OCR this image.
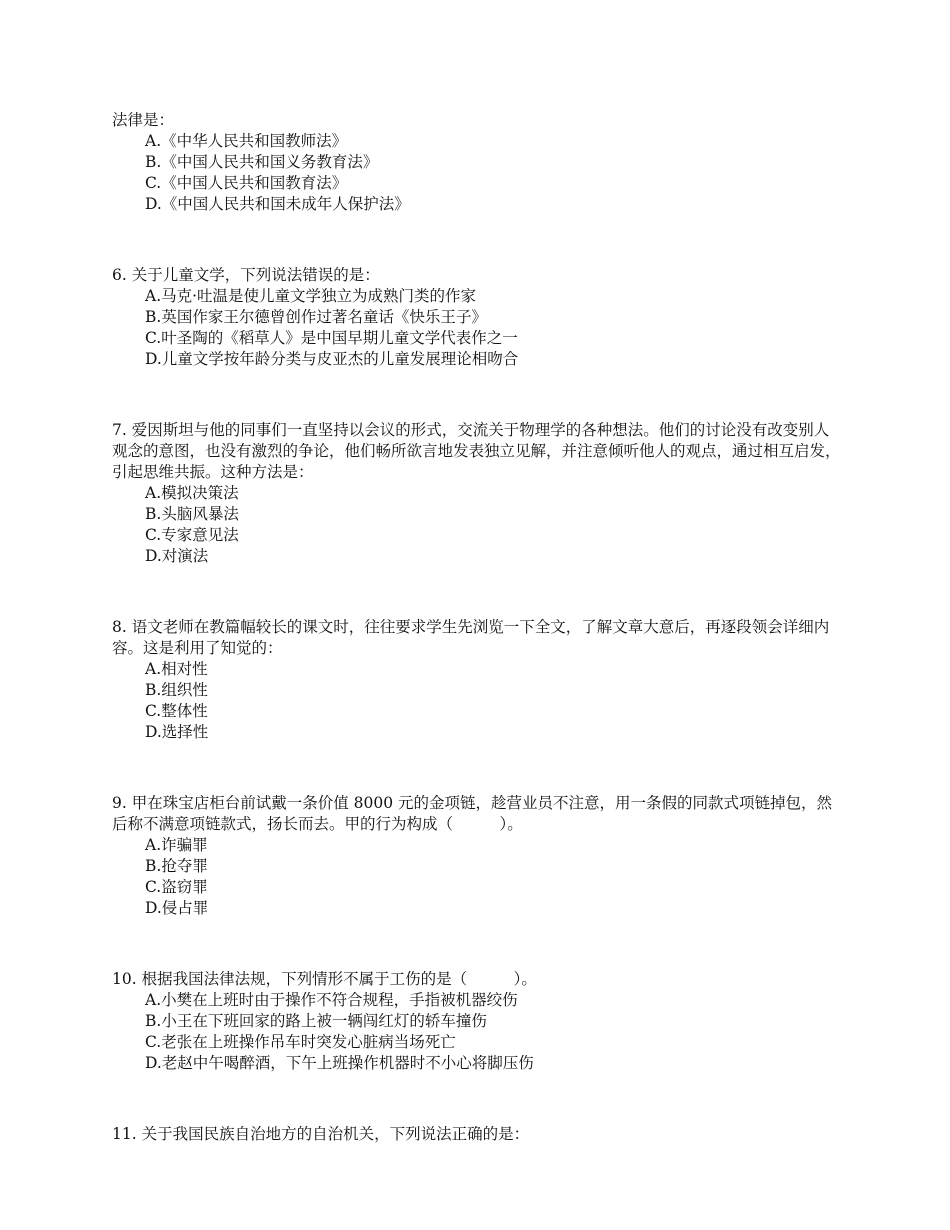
法律是：

A.《中华人民共和国教师法》

B.《中国人民共和国义务教育法》

C.《中国人民共和国教育法》

D.《中国人民共和国未成年人保护法》

6. 关于儿童文学，下列说法错误的是：

A.马克·吐温是使儿童文学独立为成熟门类的作家

B.英国作家王尔德曾创作过著名童话《快乐王子》

C.叶圣陶的《稻草人》是中国早期儿童文学代表作之一

D.儿童文学按年龄分类与皮亚杰的儿童发展理论相吻合

7. 爱因斯坦与他的同事们一直坚持以会议的形式，交流关于物理学的各种想法。他们的讨论没有改变别人观念的意图，也没有激烈的争论，他们畅所欲言地发表独立见解，并注意倾听他人的观点，通过相互启发，引起思维共振。这种方法是：

A.模拟决策法

B.头脑风暴法

C.专家意见法

D.对演法

8. 语文老师在教篇幅较长的课文时，往往要求学生先浏览一下全文，了解文章大意后，再逐段领会详细内容。这是利用了知觉的：

A.相对性

B.组织性

C.整体性

D.选择性

9. 甲在珠宝店柜台前试戴一条价值 8000 元的金项链，趁营业员不注意，用一条假的同款式项链掉包，然后称不满意项链款式，扬长而去。甲的行为构成（　　　）。

A.诈骗罪

B.抢夺罪

C.盗窃罪

D.侵占罪

10. 根据我国法律法规，下列情形不属于工伤的是（　　　）。

A.小樊在上班时由于操作不符合规程，手指被机器绞伤

B.小王在下班回家的路上被一辆闯红灯的轿车撞伤

C.老张在上班操作吊车时突发心脏病当场死亡

D.老赵中午喝醉酒，下午上班操作机器时不小心将脚压伤

11. 关于我国民族自治地方的自治机关，下列说法正确的是：
